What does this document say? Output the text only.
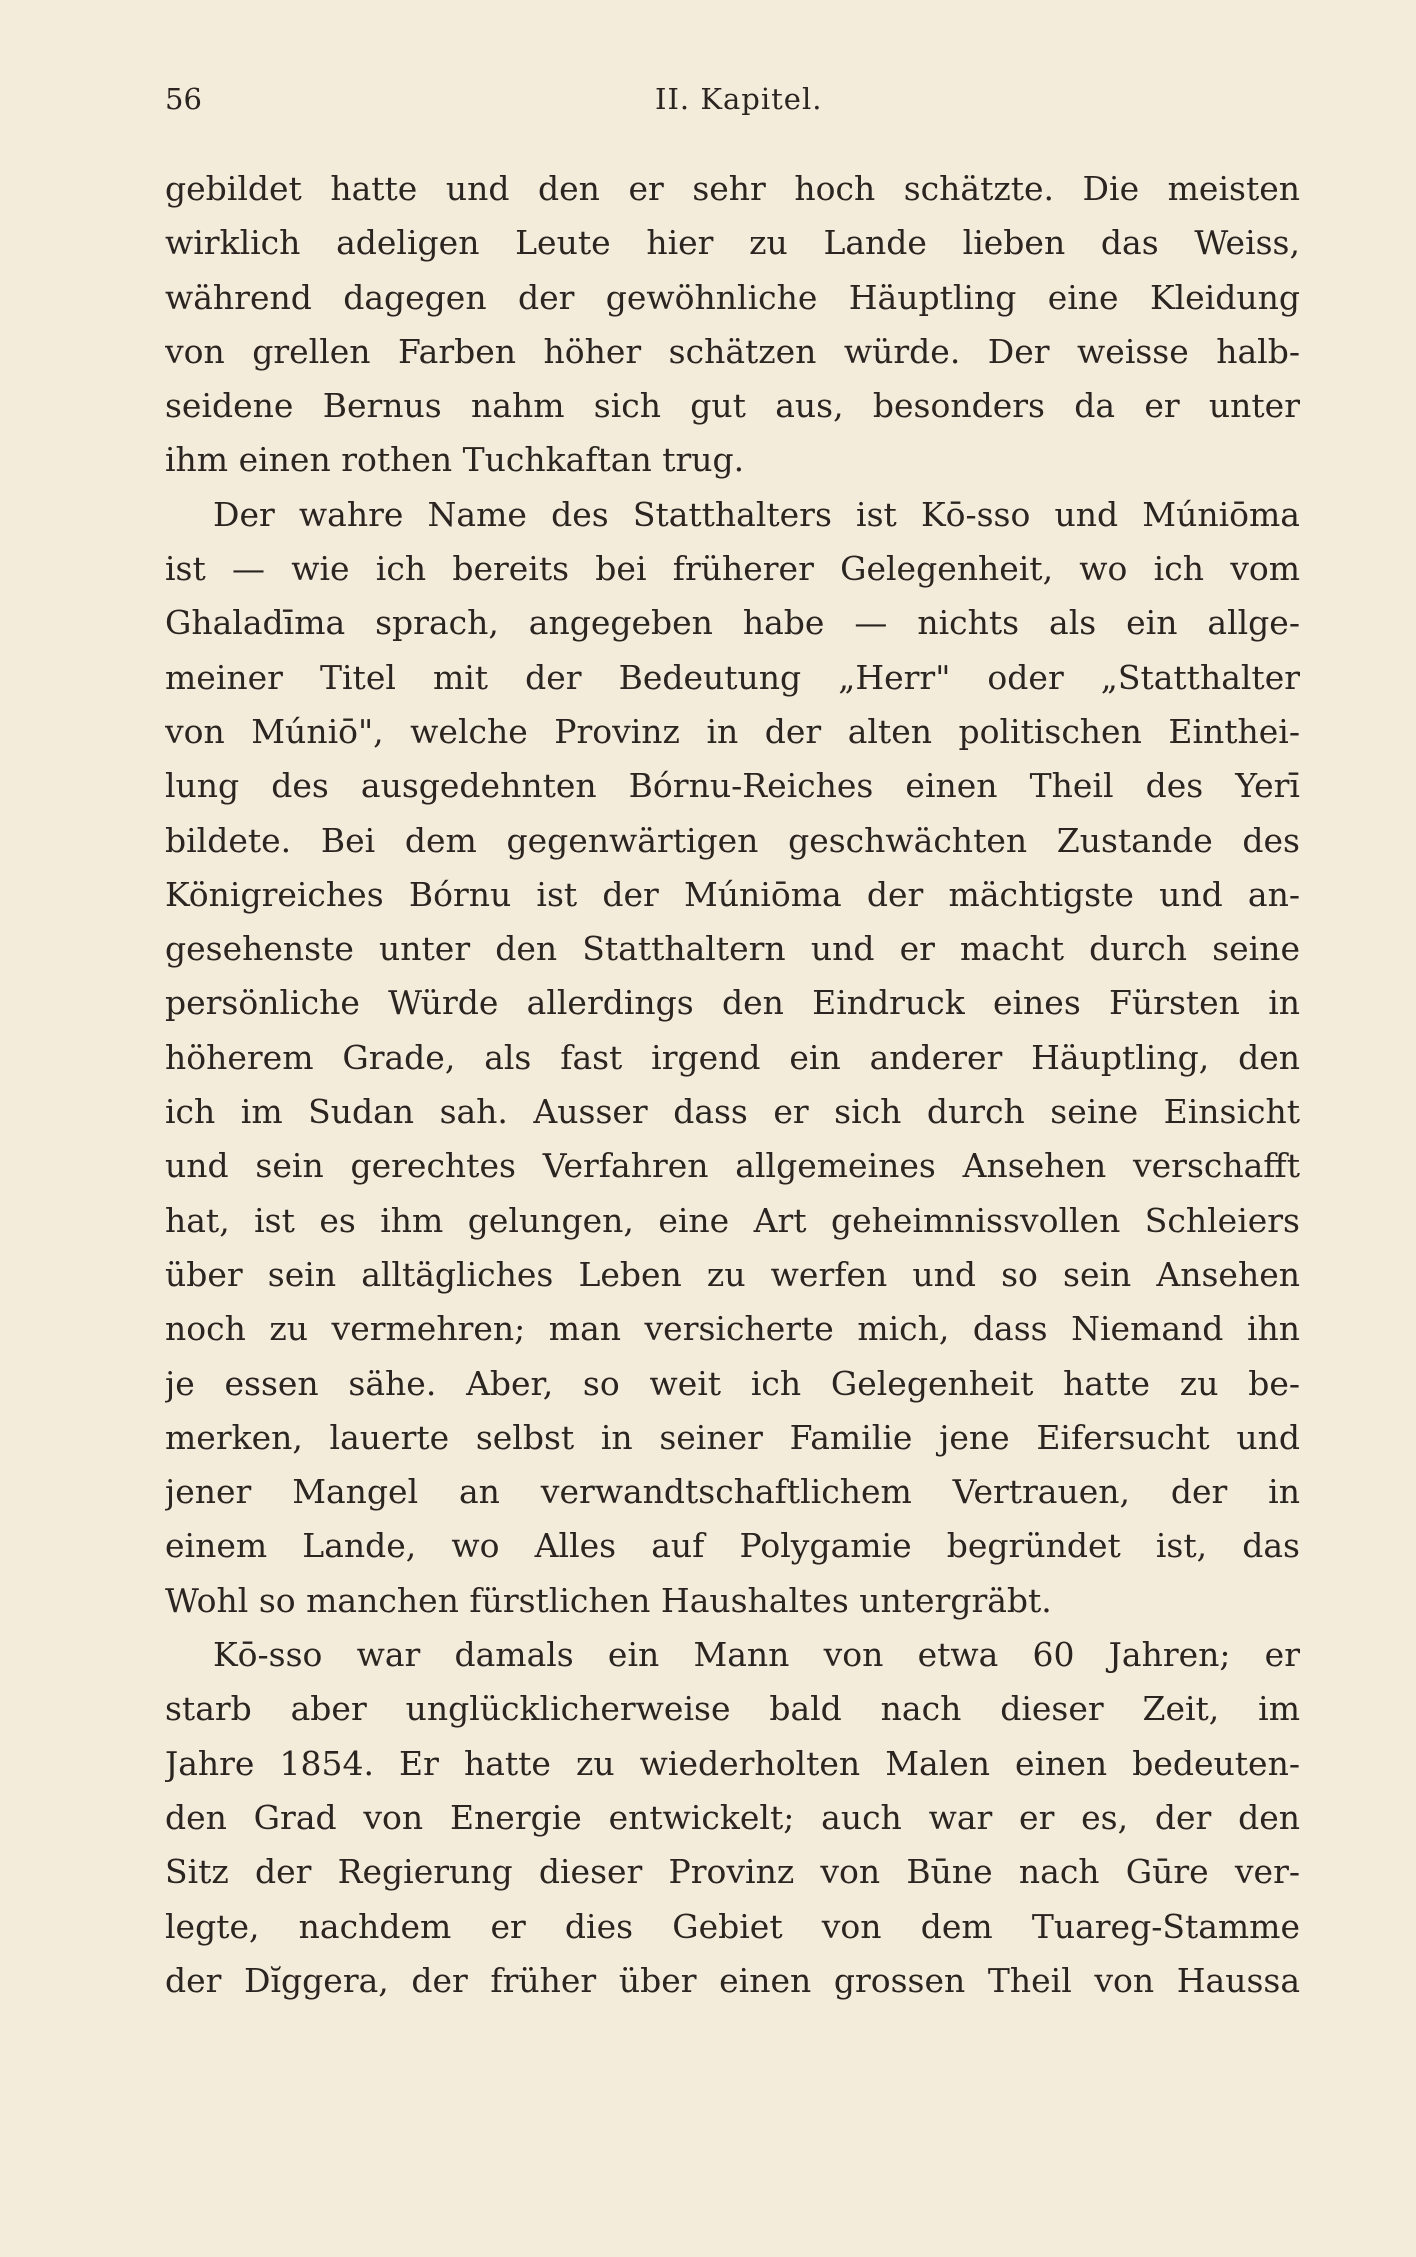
56	II. Kapitel.
gebildet hatte und den er sehr hoch schätzte. Die meisten
wirklich adeligen Leute hier zu Lande lieben das Weiss,
während dagegen der gewöhnliche Häuptling eine Kleidung
von grellen Farben höher schätzen würde. Der weisse halb-
seidene Bernus nahm sich gut aus, besonders da er unter
ihm einen rothen Tuchkaftan trug.
Der wahre Name des Statthalters ist Kō-sso und Múniōma
ist — wie ich bereits bei früherer Gelegenheit, wo ich vom
Ghaladīma sprach, angegeben habe — nichts als ein allge-
meiner Titel mit der Bedeutung „Herr" oder „Statthalter
von Múniō", welche Provinz in der alten politischen Einthei-
lung des ausgedehnten Bórnu-Reiches einen Theil des Yerī
bildete. Bei dem gegenwärtigen geschwächten Zustande des
Königreiches Bórnu ist der Múniōma der mächtigste und an-
gesehenste unter den Statthaltern und er macht durch seine
persönliche Würde allerdings den Eindruck eines Fürsten in
höherem Grade, als fast irgend ein anderer Häuptling, den
ich im Sudan sah. Ausser dass er sich durch seine Einsicht
und sein gerechtes Verfahren allgemeines Ansehen verschafft
hat, ist es ihm gelungen, eine Art geheimnissvollen Schleiers
über sein alltägliches Leben zu werfen und so sein Ansehen
noch zu vermehren; man versicherte mich, dass Niemand ihn
je essen sähe. Aber, so weit ich Gelegenheit hatte zu be-
merken, lauerte selbst in seiner Familie jene Eifersucht und
jener Mangel an verwandtschaftlichem Vertrauen, der in
einem Lande, wo Alles auf Polygamie begründet ist, das
Wohl so manchen fürstlichen Haushaltes untergräbt.
Kō-sso war damals ein Mann von etwa 60 Jahren; er
starb aber unglücklicherweise bald nach dieser Zeit, im
Jahre 1854. Er hatte zu wiederholten Malen einen bedeuten-
den Grad von Energie entwickelt; auch war er es, der den
Sitz der Regierung dieser Provinz von Būne nach Gūre ver-
legte, nachdem er dies Gebiet von dem Tuareg-Stamme
der Dĭggera, der früher über einen grossen Theil von Haussa
